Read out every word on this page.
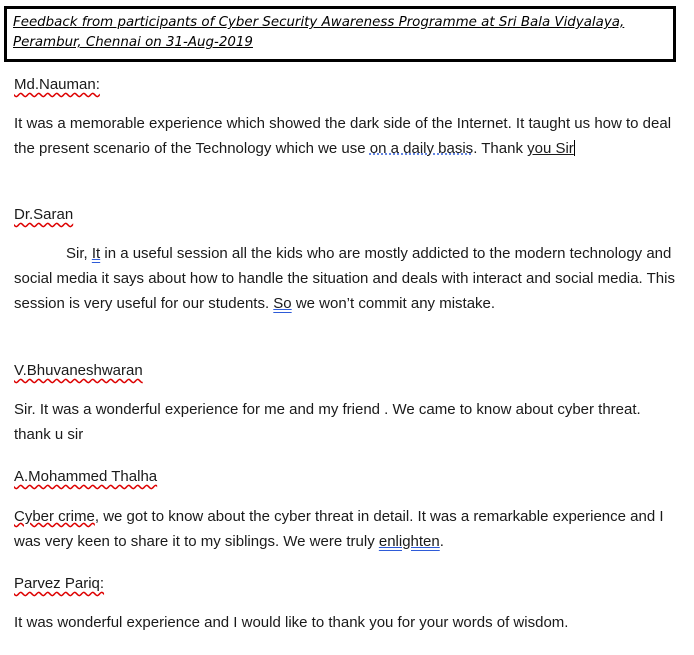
Feedback from participants of Cyber Security Awareness Programme at Sri Bala Vidyalaya,
Perambur, Chennai on 31-Aug-2019
Md.Nauman:
It was a memorable experience which showed the dark side of the Internet. It taught us how to deal the present scenario of the Technology which we use on a daily basis. Thank you Sir
Dr.Saran
Sir, It in a useful session all the kids who are mostly addicted to the modern technology and social media it says about how to handle the situation and deals with interact and social media. This session is very useful for our students. So we won’t commit any mistake.
V.Bhuvaneshwaran
Sir. It was a wonderful experience for me and my friend . We came to know about cyber threat. thank u sir
A.Mohammed Thalha
Cyber crime, we got to know about the cyber threat in detail. It was a remarkable experience and I was very keen to share it to my siblings. We were truly enlighten.
Parvez Pariq:
It was wonderful experience and I would like to thank you for your words of wisdom.
